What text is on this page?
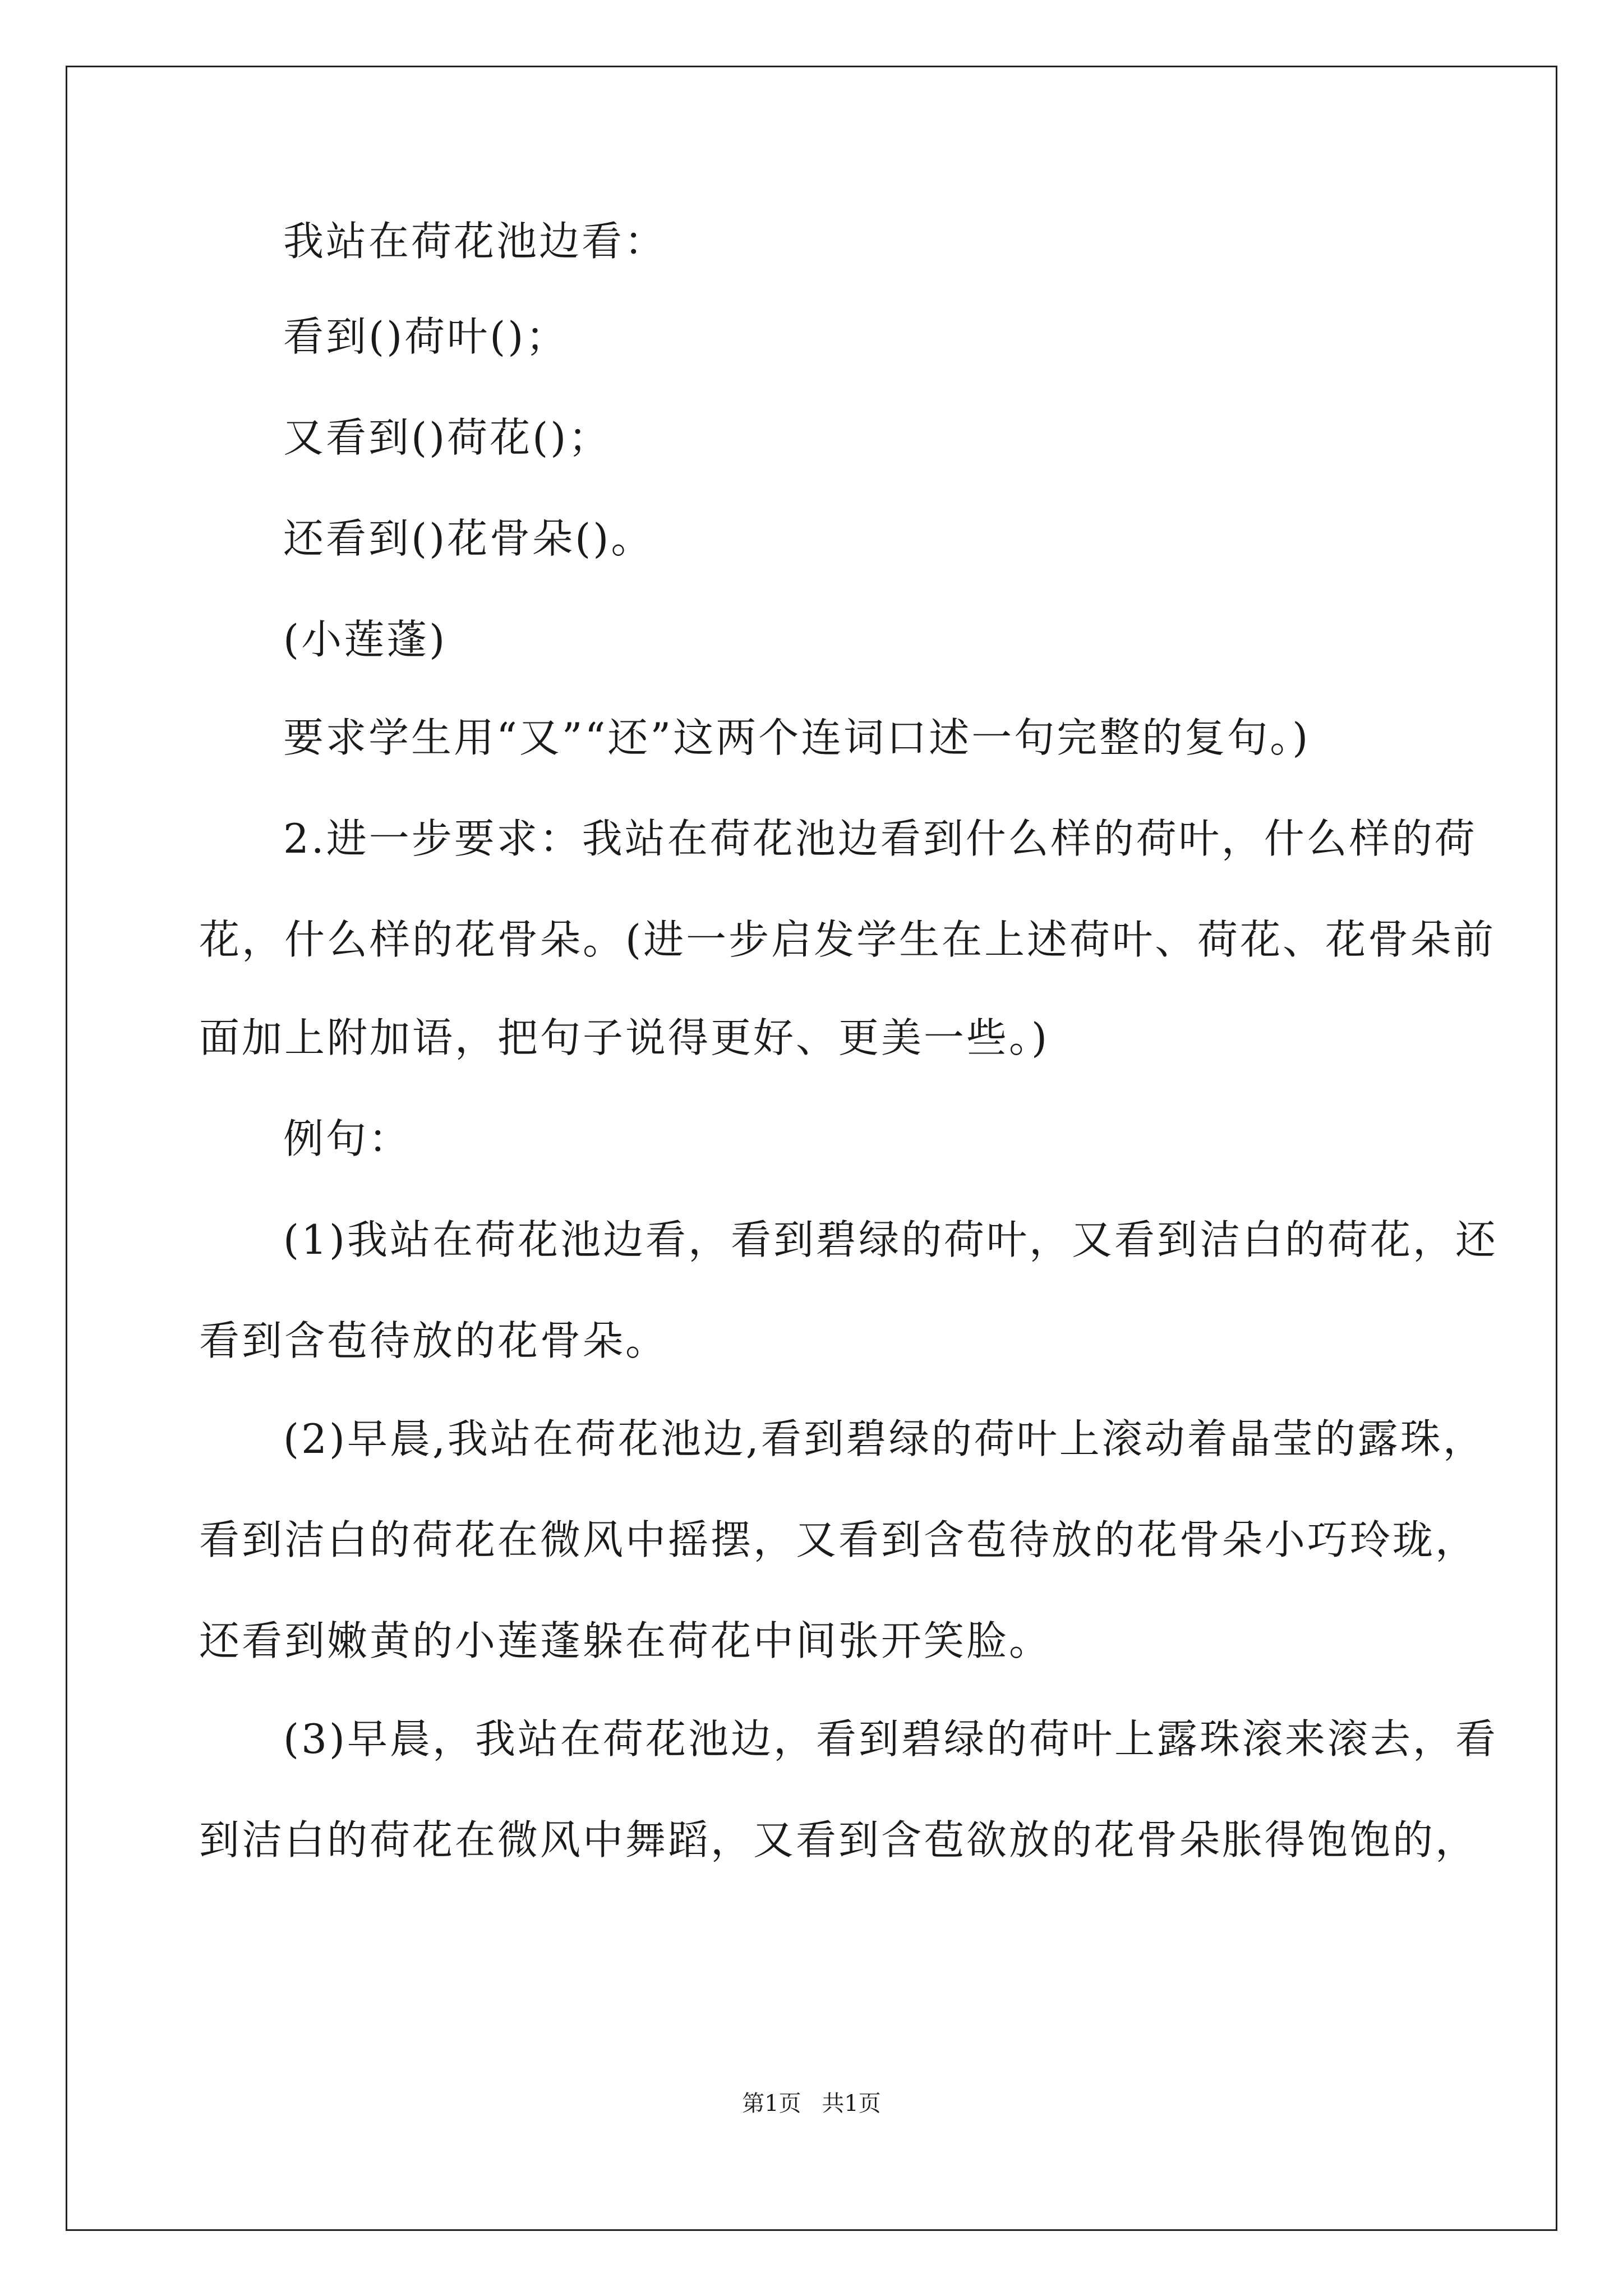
我站在荷花池边看：
看到()荷叶()；
又看到()荷花()；
还看到()花骨朵()。
(小莲蓬)
要求学生用“又”“还”这两个连词口述一句完整的复句。)
2.进一步要求：我站在荷花池边看到什么样的荷叶，什么样的荷
花，什么样的花骨朵。(进一步启发学生在上述荷叶、荷花、花骨朵前
面加上附加语，把句子说得更好、更美一些。)
例句：
(1)我站在荷花池边看，看到碧绿的荷叶，又看到洁白的荷花，还
看到含苞待放的花骨朵。
(2)早晨,我站在荷花池边,看到碧绿的荷叶上滚动着晶莹的露珠，
看到洁白的荷花在微风中摇摆，又看到含苞待放的花骨朵小巧玲珑，
还看到嫩黄的小莲蓬躲在荷花中间张开笑脸。
(3)早晨，我站在荷花池边，看到碧绿的荷叶上露珠滚来滚去，看
到洁白的荷花在微风中舞蹈，又看到含苞欲放的花骨朵胀得饱饱的，
第1页 共1页
